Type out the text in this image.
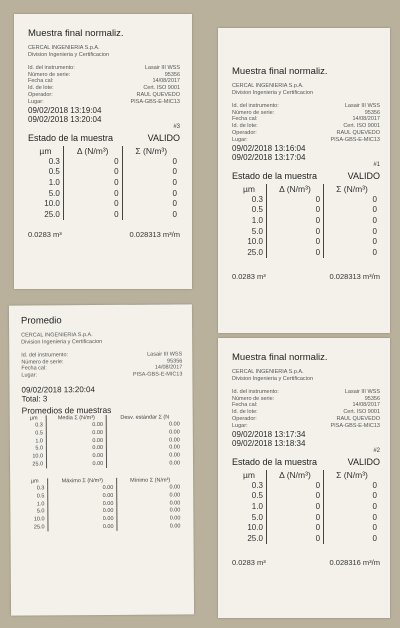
Muestra final normaliz.
CERCAL INGENIERIA S.p.A.
Division Ingenieria y Certificacion
Id. del instrumento:	Lasair III WSS
Número de serie:	95356
Fecha cal:	14/08/2017
Id. de lote:	Cert. ISO 9001
Operador:	RAUL QUEVEDO
Lugar:	PISA-GBS-E-MIC13
09/02/2018 13:19:04
09/02/2018 13:20:04
#3
Estado de la muestra	VALIDO
µm	Δ (N/m³)	Σ (N/m³)
0.3	0	0
0.5	0	0
1.0	0	0
5.0	0	0
10.0	0	0
25.0	0	0
0.0283 m³	0.028313 m³/m
Promedio
CERCAL INGENIERIA S.p.A.
Division Ingenieria y Certificacion
Id. del instrumento:	Lasair III WSS
Número de serie:	95356
Fecha cal:	14/08/2017
Lugar:	PISA-GBS-E-MIC13
09/02/2018 13:20:04
Total: 3
Promedios de muestras
µm	Media Σ (N/m³)	Desv. estándar Σ (N
0.3	0.00	0.00
0.5	0.00	0.00
1.0	0.00	0.00
5.0	0.00	0.00
10.0	0.00	0.00
25.0	0.00	0.00
µm	Máximo Σ (N/m³)	Mínimo Σ (N/m³)
0.3	0.00	0.00
0.5	0.00	0.00
1.0	0.00	0.00
5.0	0.00	0.00
10.0	0.00	0.00
25.0	0.00	0.00
Muestra final normaliz.
CERCAL INGENIERIA S.p.A.
Division Ingenieria y Certificacion
Id. del instrumento:	Lasair III WSS
Número de serie:	95356
Fecha cal:	14/08/2017
Id. de lote:	Cert. ISO 9001
Operador:	RAUL QUEVEDO
Lugar:	PISA-GBS-E-MIC13
09/02/2018 13:16:04
09/02/2018 13:17:04
#1
Estado de la muestra	VALIDO
µm	Δ (N/m³)	Σ (N/m³)
0.3	0	0
0.5	0	0
1.0	0	0
5.0	0	0
10.0	0	0
25.0	0	0
0.0283 m³	0.028313 m³/m
Muestra final normaliz.
CERCAL INGENIERIA S.p.A.
Division Ingenieria y Certificacion
Id. del instrumento:	Lasair III WSS
Número de serie:	95356
Fecha cal:	14/08/2017
Id. de lote:	Cert. ISO 9001
Operador:	RAUL QUEVEDO
Lugar:	PISA-GBS-E-MIC13
09/02/2018 13:17:34
09/02/2018 13:18:34
#2
Estado de la muestra	VALIDO
µm	Δ (N/m³)	Σ (N/m³)
0.3	0	0
0.5	0	0
1.0	0	0
5.0	0	0
10.0	0	0
25.0	0	0
0.0283 m³	0.028316 m³/m
